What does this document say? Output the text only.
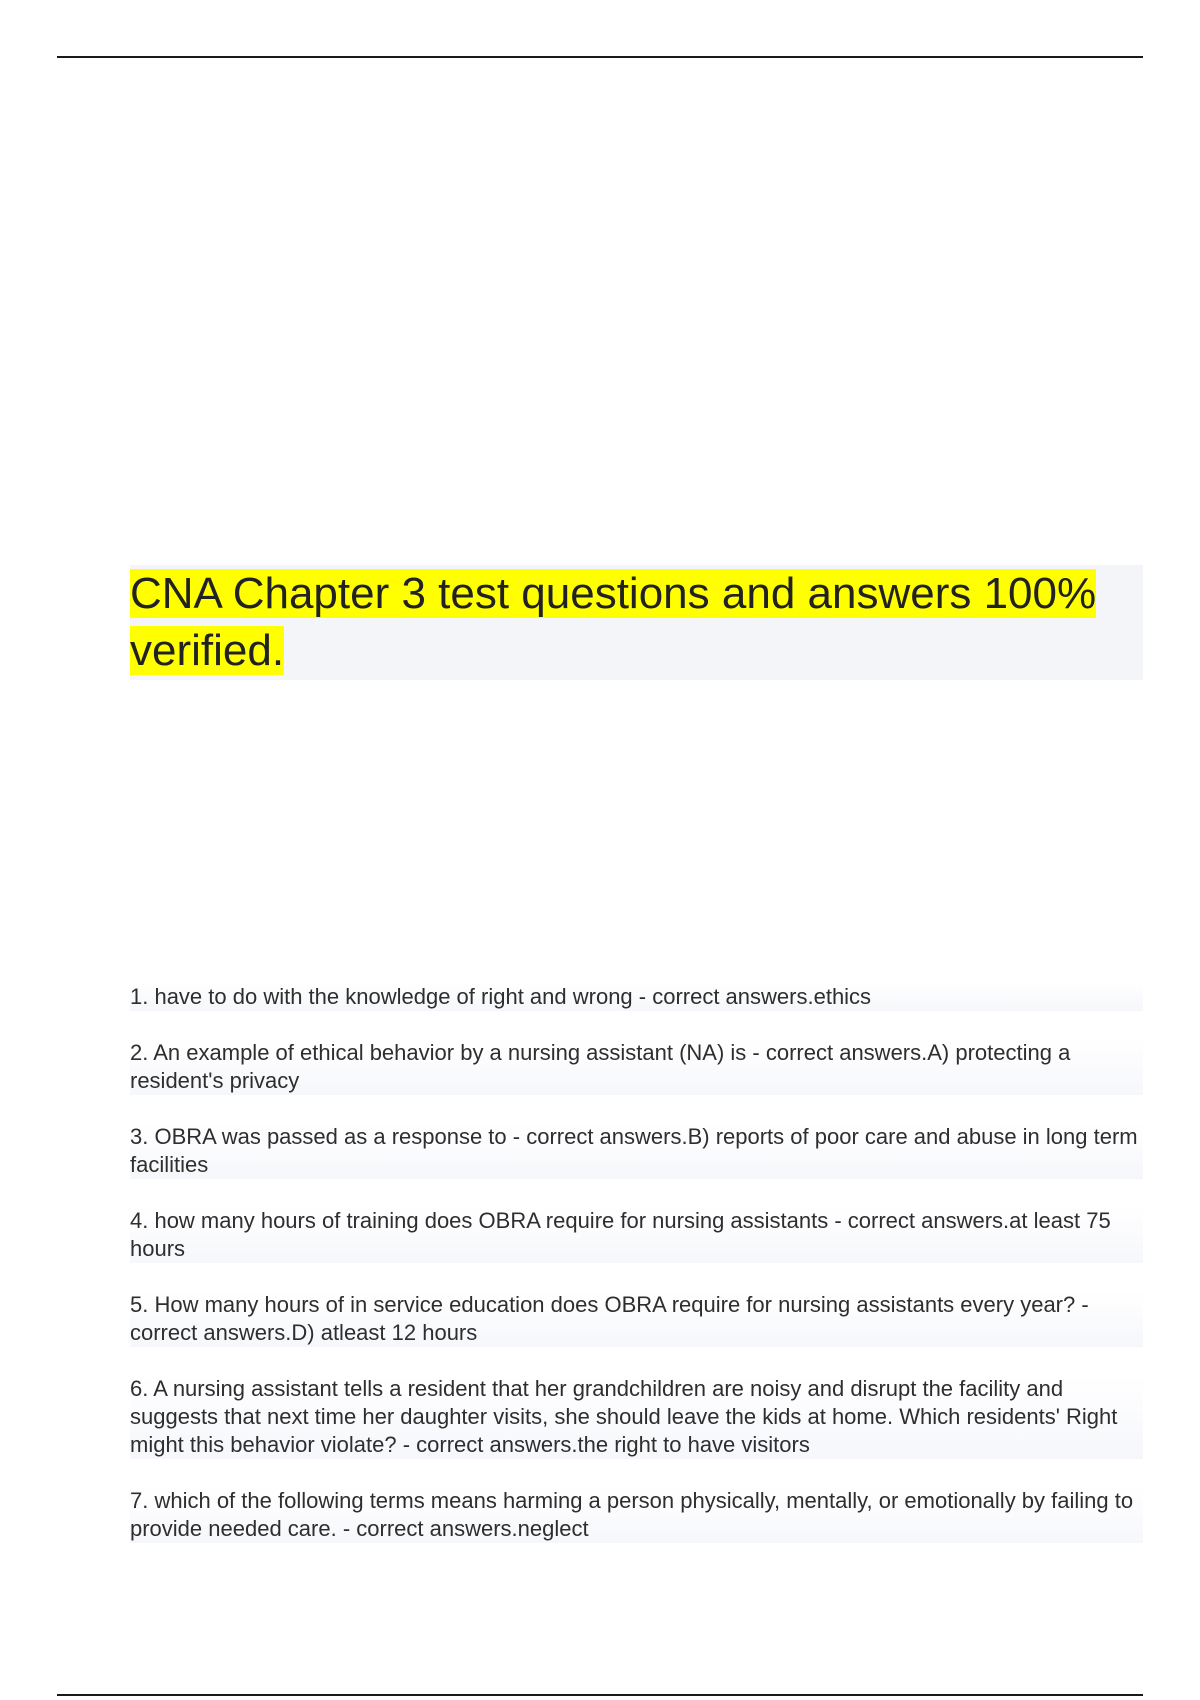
CNA Chapter 3 test questions and answers 100% verified.
1. have to do with the knowledge of right and wrong - correct answers.ethics
2. An example of ethical behavior by a nursing assistant (NA) is - correct answers.A) protecting a resident's privacy
3. OBRA was passed as a response to - correct answers.B) reports of poor care and abuse in long term facilities
4. how many hours of training does OBRA require for nursing assistants - correct answers.at least 75 hours
5. How many hours of in service education does OBRA require for nursing assistants every year? - correct answers.D) atleast 12 hours
6. A nursing assistant tells a resident that her grandchildren are noisy and disrupt the facility and suggests that next time her daughter visits, she should leave the kids at home. Which residents' Right might this behavior violate? - correct answers.the right to have visitors
7. which of the following terms means harming a person physically, mentally, or emotionally by failing to provide needed care. - correct answers.neglect
